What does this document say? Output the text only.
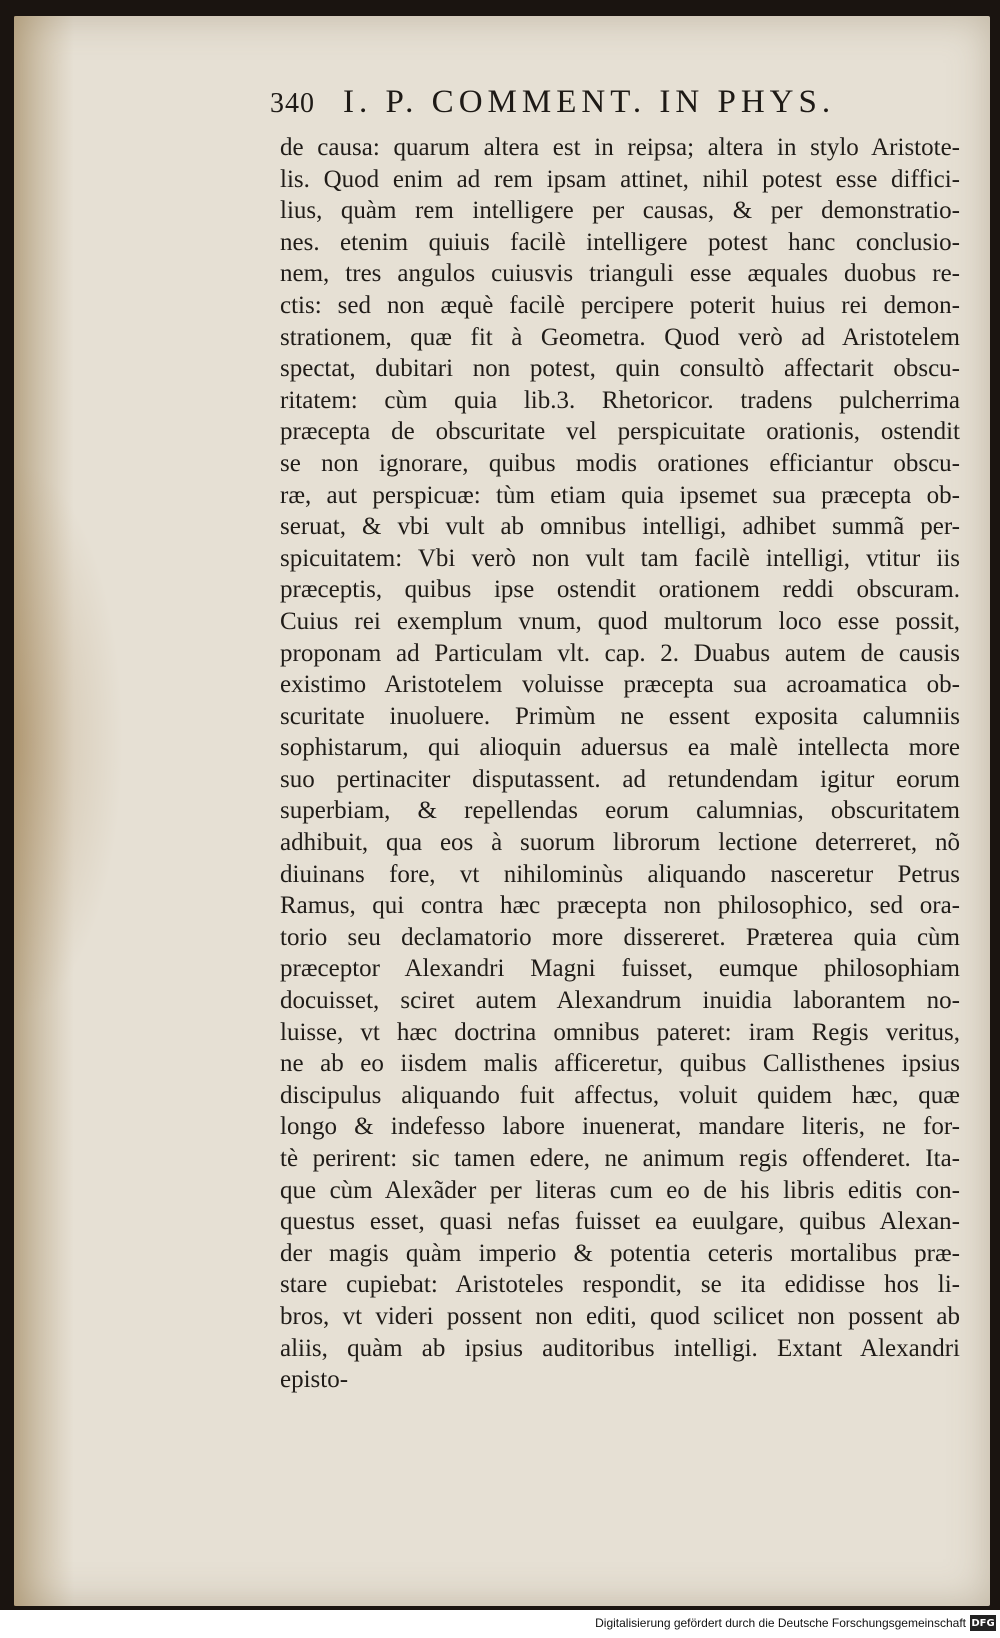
340 I. P. COMMENT. IN PHYS.
de causa: quarum altera est in reipsa; altera in stylo Aristote-
lis. Quod enim ad rem ipsam attinet, nihil potest esse diffici-
lius, quàm rem intelligere per causas, & per demonstratio-
nes. etenim quiuis facilè intelligere potest hanc conclusio-
nem, tres angulos cuiusvis trianguli esse æquales duobus re-
ctis: sed non æquè facilè percipere poterit huius rei demon-
strationem, quæ fit à Geometra. Quod verò ad Aristotelem
spectat, dubitari non potest, quin consultò affectarit obscu-
ritatem: cùm quia lib.3. Rhetoricor. tradens pulcherrima
præcepta de obscuritate vel perspicuitate orationis, ostendit
se non ignorare, quibus modis orationes efficiantur obscu-
ræ, aut perspicuæ: tùm etiam quia ipsemet sua præcepta ob-
seruat, & vbi vult ab omnibus intelligi, adhibet summã per-
spicuitatem: Vbi verò non vult tam facilè intelligi, vtitur iis
præceptis, quibus ipse ostendit orationem reddi obscuram.
Cuius rei exemplum vnum, quod multorum loco esse possit,
proponam ad Particulam vlt. cap. 2. Duabus autem de causis
existimo Aristotelem voluisse præcepta sua acroamatica ob-
scuritate inuoluere. Primùm ne essent exposita calumniis
sophistarum, qui alioquin aduersus ea malè intellecta more
suo pertinaciter disputassent. ad retundendam igitur eorum
superbiam, & repellendas eorum calumnias, obscuritatem
adhibuit, qua eos à suorum librorum lectione deterreret, nõ
diuinans fore, vt nihilominùs aliquando nasceretur Petrus
Ramus, qui contra hæc præcepta non philosophico, sed ora-
torio seu declamatorio more dissereret. Præterea quia cùm
præceptor Alexandri Magni fuisset, eumque philosophiam
docuisset, sciret autem Alexandrum inuidia laborantem no-
luisse, vt hæc doctrina omnibus pateret: iram Regis veritus,
ne ab eo iisdem malis afficeretur, quibus Callisthenes ipsius
discipulus aliquando fuit affectus, voluit quidem hæc, quæ
longo & indefesso labore inuenerat, mandare literis, ne for-
tè perirent: sic tamen edere, ne animum regis offenderet. Ita-
que cùm Alexãder per literas cum eo de his libris editis con-
questus esset, quasi nefas fuisset ea euulgare, quibus Alexan-
der magis quàm imperio & potentia ceteris mortalibus præ-
stare cupiebat: Aristoteles respondit, se ita edidisse hos li-
bros, vt videri possent non editi, quod scilicet non possent ab
aliis, quàm ab ipsius auditoribus intelligi. Extant Alexandri
episto-
Digitalisierung gefördert durch die Deutsche Forschungsgemeinschaft DFG
